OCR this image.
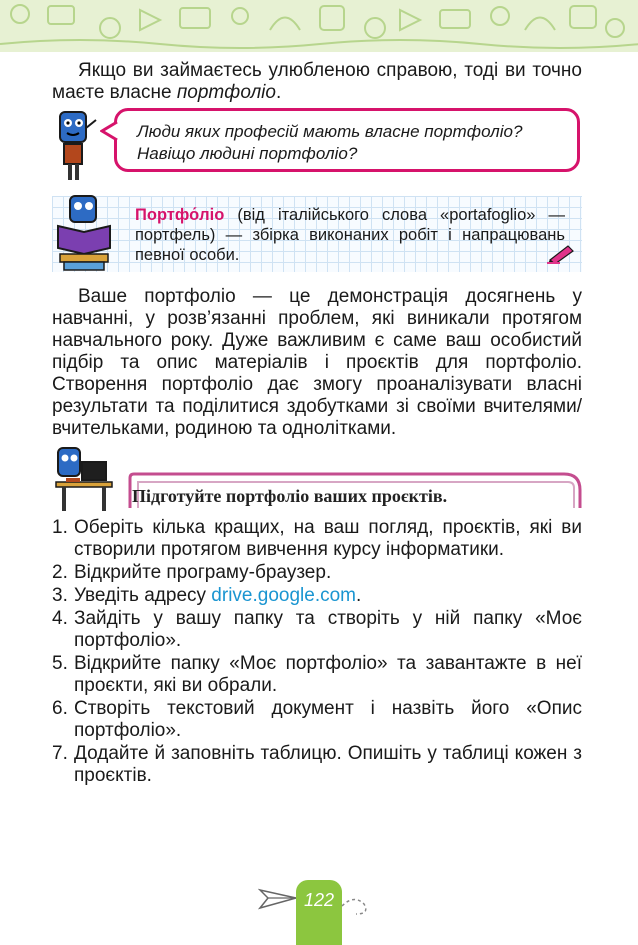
Якщо ви займаєтесь улюбленою справою, тоді ви точно маєте власне портфоліо.
Люди яких професій мають власне портфоліо?
Навіщо людині портфоліо?
Портфо́ліо (від італійського слова «portafoglio» — портфель) — збірка виконаних робіт і напрацювань певної особи.
Ваше портфоліо — це демонстрація досягнень у навчанні, у розв’язанні проблем, які виникали протягом навчального року. Дуже важливим є саме ваш особистий підбір та опис матеріалів і проєктів для портфоліо. Створення портфоліо дає змогу проаналізувати власні результати та поділитися здобутками зі своїми вчителями/вчительками, родиною та однолітками.
Підготуйте портфоліо ваших проєктів.
1. Оберіть кілька кращих, на ваш погляд, проєктів, які ви створили протягом вивчення курсу інформатики.
2. Відкрийте програму-браузер.
3. Уведіть адресу drive.google.com.
4. Зайдіть у вашу папку та створіть у ній папку «Моє портфоліо».
5. Відкрийте папку «Моє портфоліо» та завантажте в неї проєкти, які ви обрали.
6. Створіть текстовий документ і назвіть його «Опис портфоліо».
7. Додайте й заповніть таблицю. Опишіть у таблиці кожен з проєктів.
122
